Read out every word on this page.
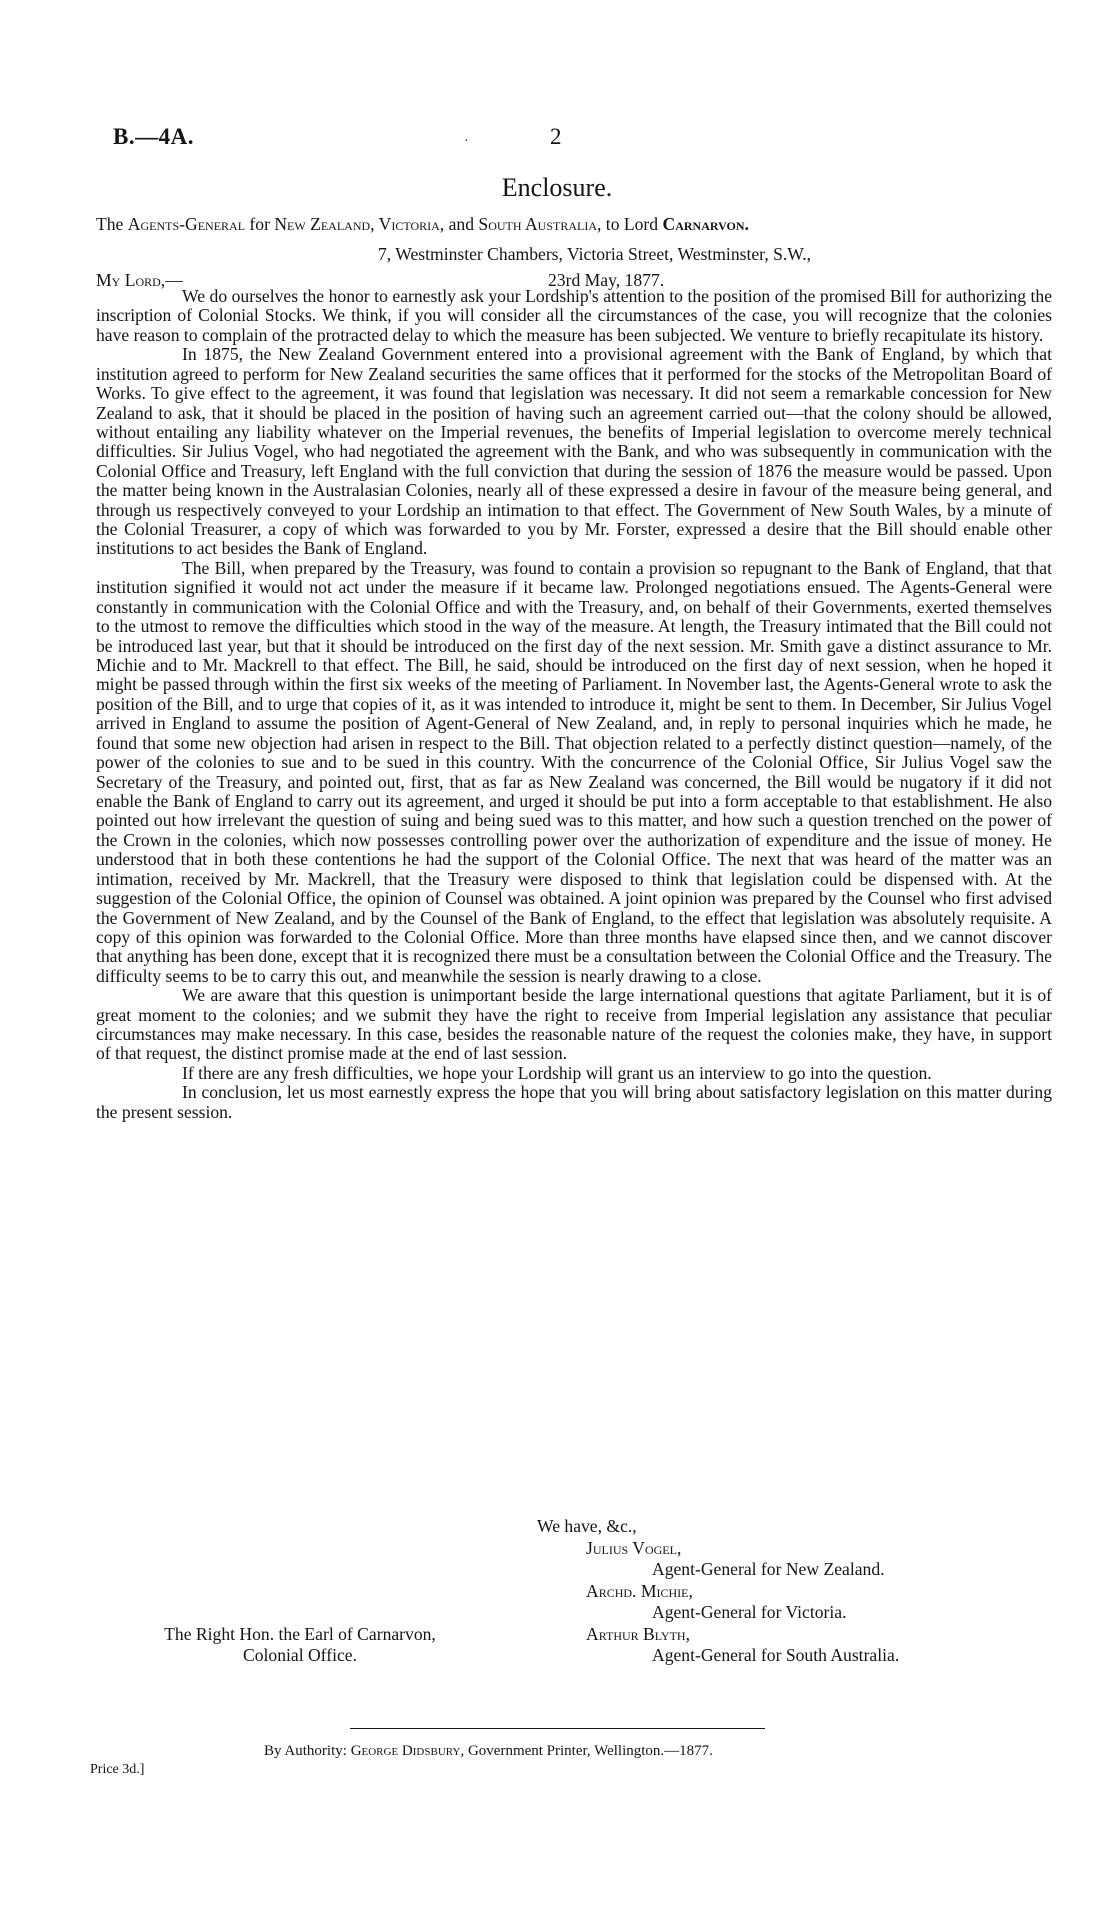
B.—4A.	·	2
Enclosure.
The Agents-General for New Zealand, Victoria, and South Australia, to Lord Carnarvon.
7, Westminster Chambers, Victoria Street, Westminster, S.W.,
My Lord,—	23rd May, 1877.

We do ourselves the honor to earnestly ask your Lordship's attention to the position of the promised Bill for authorizing the inscription of Colonial Stocks. We think, if you will consider all the circumstances of the case, you will recognize that the colonies have reason to complain of the protracted delay to which the measure has been subjected. We venture to briefly recapitulate its history.

In 1875, the New Zealand Government entered into a provisional agreement with the Bank of England, by which that institution agreed to perform for New Zealand securities the same offices that it performed for the stocks of the Metropolitan Board of Works. To give effect to the agreement, it was found that legislation was necessary. It did not seem a remarkable concession for New Zealand to ask, that it should be placed in the position of having such an agreement carried out—that the colony should be allowed, without entailing any liability whatever on the Imperial revenues, the benefits of Imperial legislation to overcome merely technical difficulties. Sir Julius Vogel, who had negotiated the agreement with the Bank, and who was subsequently in communication with the Colonial Office and Treasury, left England with the full conviction that during the session of 1876 the measure would be passed. Upon the matter being known in the Australasian Colonies, nearly all of these expressed a desire in favour of the measure being general, and through us respectively conveyed to your Lordship an intimation to that effect. The Government of New South Wales, by a minute of the Colonial Treasurer, a copy of which was forwarded to you by Mr. Forster, expressed a desire that the Bill should enable other institutions to act besides the Bank of England.

The Bill, when prepared by the Treasury, was found to contain a provision so repugnant to the Bank of England, that that institution signified it would not act under the measure if it became law. Prolonged negotiations ensued. The Agents-General were constantly in communication with the Colonial Office and with the Treasury, and, on behalf of their Governments, exerted themselves to the utmost to remove the difficulties which stood in the way of the measure. At length, the Treasury intimated that the Bill could not be introduced last year, but that it should be introduced on the first day of the next session. Mr. Smith gave a distinct assurance to Mr. Michie and to Mr. Mackrell to that effect. The Bill, he said, should be introduced on the first day of next session, when he hoped it might be passed through within the first six weeks of the meeting of Parliament. In November last, the Agents-General wrote to ask the position of the Bill, and to urge that copies of it, as it was intended to introduce it, might be sent to them. In December, Sir Julius Vogel arrived in England to assume the position of Agent-General of New Zealand, and, in reply to personal inquiries which he made, he found that some new objection had arisen in respect to the Bill. That objection related to a perfectly distinct question—namely, of the power of the colonies to sue and to be sued in this country. With the concurrence of the Colonial Office, Sir Julius Vogel saw the Secretary of the Treasury, and pointed out, first, that as far as New Zealand was concerned, the Bill would be nugatory if it did not enable the Bank of England to carry out its agreement, and urged it should be put into a form acceptable to that establishment. He also pointed out how irrelevant the question of suing and being sued was to this matter, and how such a question trenched on the power of the Crown in the colonies, which now possesses controlling power over the authorization of expenditure and the issue of money. He understood that in both these contentions he had the support of the Colonial Office. The next that was heard of the matter was an intimation, received by Mr. Mackrell, that the Treasury were disposed to think that legislation could be dispensed with. At the suggestion of the Colonial Office, the opinion of Counsel was obtained. A joint opinion was prepared by the Counsel who first advised the Government of New Zealand, and by the Counsel of the Bank of England, to the effect that legislation was absolutely requisite. A copy of this opinion was forwarded to the Colonial Office. More than three months have elapsed since then, and we cannot discover that anything has been done, except that it is recognized there must be a consultation between the Colonial Office and the Treasury. The difficulty seems to be to carry this out, and meanwhile the session is nearly drawing to a close.

We are aware that this question is unimportant beside the large international questions that agitate Parliament, but it is of great moment to the colonies; and we submit they have the right to receive from Imperial legislation any assistance that peculiar circumstances may make necessary. In this case, besides the reasonable nature of the request the colonies make, they have, in support of that request, the distinct promise made at the end of last session.

If there are any fresh difficulties, we hope your Lordship will grant us an interview to go into the question.

In conclusion, let us most earnestly express the hope that you will bring about satisfactory legislation on this matter during the present session.

We have, &c.,
Julius Vogel,
Agent-General for New Zealand.
Archd. Michie,
Agent-General for Victoria.
Arthur Blyth,
Agent-General for South Australia.
The Right Hon. the Earl of Carnarvon,
Colonial Office.
By Authority: George Didsbury, Government Printer, Wellington.—1877.
Price 3d.]
